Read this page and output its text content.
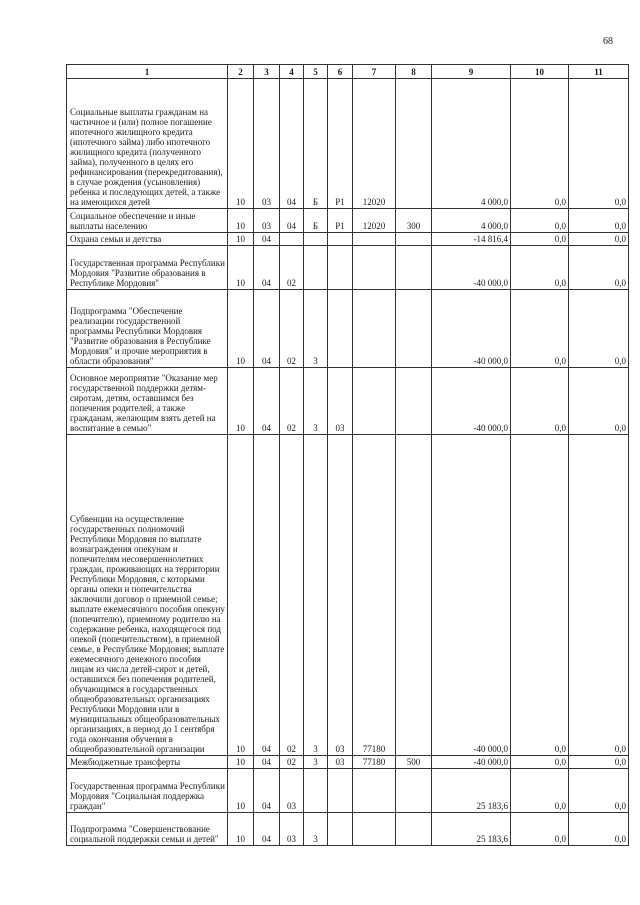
68
1	2	3	4	5	6	7	8	9	10	11
Социальные выплаты гражданам на частичное и (или) полное погашение ипотечного жилищного кредита (ипотечного займа) либо ипотечного жилищного кредита (полученного займа), полученного в целях его рефинансирования (перекредитования), в случае рождения (усыновления) ребенка и последующих детей, а также на имеющихся детей	10	03	04	Б	Р1	12020		4 000,0	0,0	0,0
Социальное обеспечение и иные выплаты населению	10	03	04	Б	Р1	12020	300	4 000,0	0,0	0,0
Охрана семьи и детства	10	04						-14 816,4	0,0	0,0
Государственная программа Республики Мордовия "Развитие образования в Республике Мордовия"	10	04	02					-40 000,0	0,0	0,0
Подпрограмма "Обеспечение реализации государственной программы Республики Мордовия "Развитие образования в Республике Мордовия" и прочие мероприятия в области образования"	10	04	02	3				-40 000,0	0,0	0,0
Основное мероприятие "Оказание мер государственной поддержки детям-сиротам, детям, оставшимся без попечения родителей, а также гражданам, желающим взять детей на воспитание в семью"	10	04	02	3	03			-40 000,0	0,0	0,0
Субвенции на осуществление государственных полномочий Республики Мордовия по выплате вознаграждения опекунам и попечителям несовершеннолетних граждан, проживающих на территории Республики Мордовия, с которыми органы опеки и попечительства заключили договор о приемной семье; выплате ежемесячного пособия опекуну (попечителю), приемному родителю на содержание ребенка, находящегося под опекой (попечительством), в приемной семье, в Республике Мордовия; выплате ежемесячного денежного пособия лицам из числа детей-сирот и детей, оставшихся без попечения родителей, обучающимся в государственных общеобразовательных организациях Республики Мордовия или в муниципальных общеобразовательных организациях, в период до 1 сентября года окончания обучения в общеобразовательной организации	10	04	02	3	03	77180		-40 000,0	0,0	0,0
Межбюджетные трансферты	10	04	02	3	03	77180	500	-40 000,0	0,0	0,0
Государственная программа Республики Мордовия "Социальная поддержка граждан"	10	04	03					25 183,6	0,0	0,0
Подпрограмма "Совершенствование социальной поддержки семьи и детей"	10	04	03	3				25 183,6	0,0	0,0
